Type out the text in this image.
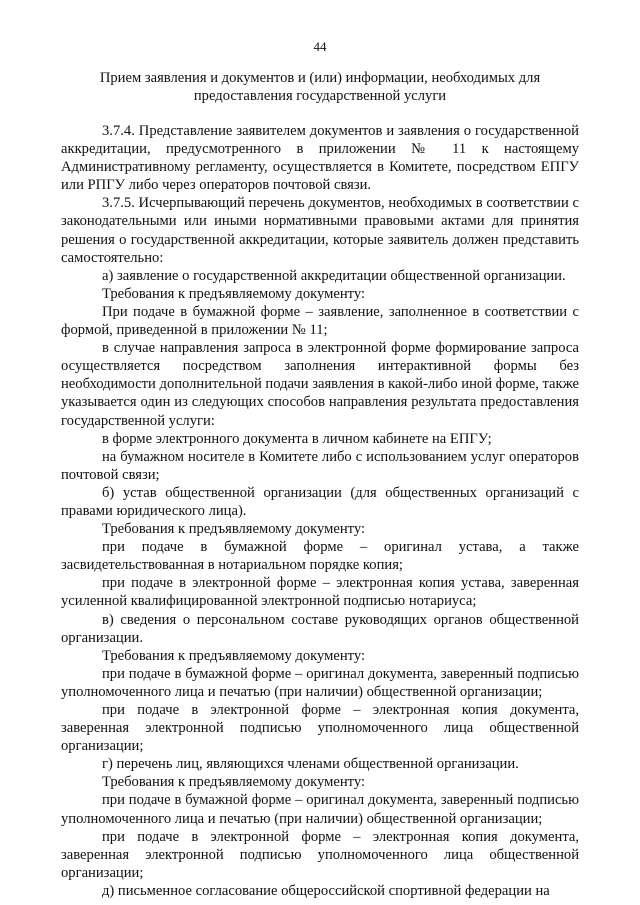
44
Прием заявления и документов и (или) информации, необходимых для
предоставления государственной услуги

3.7.4. Представление заявителем документов и заявления о государственной аккредитации, предусмотренного в приложении № 11 к настоящему Административному регламенту, осуществляется в Комитете, посредством ЕПГУ или РПГУ либо через операторов почтовой связи.

3.7.5. Исчерпывающий перечень документов, необходимых в соответствии с законодательными или иными нормативными правовыми актами для принятия решения о государственной аккредитации, которые заявитель должен представить самостоятельно:

а) заявление о государственной аккредитации общественной организации.

Требования к предъявляемому документу:

При подаче в бумажной форме – заявление, заполненное в соответствии с формой, приведенной в приложении № 11;

в случае направления запроса в электронной форме формирование запроса осуществляется посредством заполнения интерактивной формы без необходимости дополнительной подачи заявления в какой-либо иной форме, также указывается один из следующих способов направления результата предоставления государственной услуги:

в форме электронного документа в личном кабинете на ЕПГУ;

на бумажном носителе в Комитете либо с использованием услуг операторов почтовой связи;

б) устав общественной организации (для общественных организаций с правами юридического лица).

Требования к предъявляемому документу:

при подаче в бумажной форме – оригинал устава, а также засвидетельствованная в нотариальном порядке копия;

при подаче в электронной форме – электронная копия устава, заверенная усиленной квалифицированной электронной подписью нотариуса;

в) сведения о персональном составе руководящих органов общественной организации.

Требования к предъявляемому документу:

при подаче в бумажной форме – оригинал документа, заверенный подписью уполномоченного лица и печатью (при наличии) общественной организации;

при подаче в электронной форме – электронная копия документа, заверенная электронной подписью уполномоченного лица общественной организации;

г) перечень лиц, являющихся членами общественной организации.

Требования к предъявляемому документу:

при подаче в бумажной форме – оригинал документа, заверенный подписью уполномоченного лица и печатью (при наличии) общественной организации;

при подаче в электронной форме – электронная копия документа, заверенная электронной подписью уполномоченного лица общественной организации;

д) письменное согласование общероссийской спортивной федерации на
